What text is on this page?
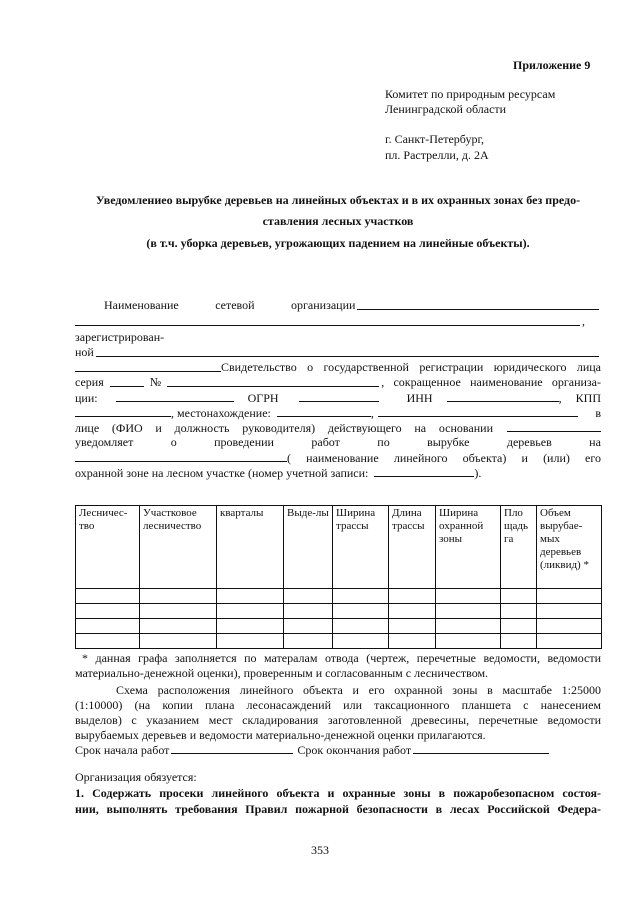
Приложение 9
Комитет по природным ресурсам
Ленинградской области
г. Санкт-Петербург,
пл. Растрелли, д. 2А
Уведомлениео вырубке деревьев на линейных объектах и в их охранных зонах без предо-
ставления лесных участков
(в т.ч. уборка деревьев, угрожающих падением на линейные объекты).
Наименование	сетевой	организации
,
зарегистрирован-
ной
Свидетельство о государственной регистрации юридического лица
серия	№	, сокращенное наименование организа-
ции:	ОГРН	ИНН	, КПП
, местонахождение:	,	в
лице (ФИО и должность руководителя) действующего на основании
уведомляет	о	проведении	работ	по	вырубке	деревьев	на
( наименование линейного объекта) и (или) его
охранной зоне на лесном участке (номер учетной записи:	).
Лесничес-тво	Участковое лесничество	кварталы	Выде-лы	Ширина трассы	Длина трассы	Ширина охранной зоны	Пло щадь га	Объем вырубае-мых деревьев (ликвид) *

* данная графа заполняется по матералам отвода (чертеж, перечетные ведомости, ведомости
материально-денежной оценки), проверенным и согласованным с лесничеством.
Схема расположения линейного объекта и его охранной зоны в масштабе 1:25000
(1:10000) (на копии плана лесонасаждений или таксационного планшета с нанесением
выделов) с указанием мест складирования заготовленной древесины, перечетные ведомости
вырубаемых деревьев и ведомости материально-денежной оценки прилагаются.
Срок начала работ	Срок окончания работ
Организация обязуется:
1. Содержать просеки линейного объекта и охранные зоны в пожаробезопасном состоя-
нии, выполнять требования Правил пожарной безопасности в лесах Российской Федера-
353
